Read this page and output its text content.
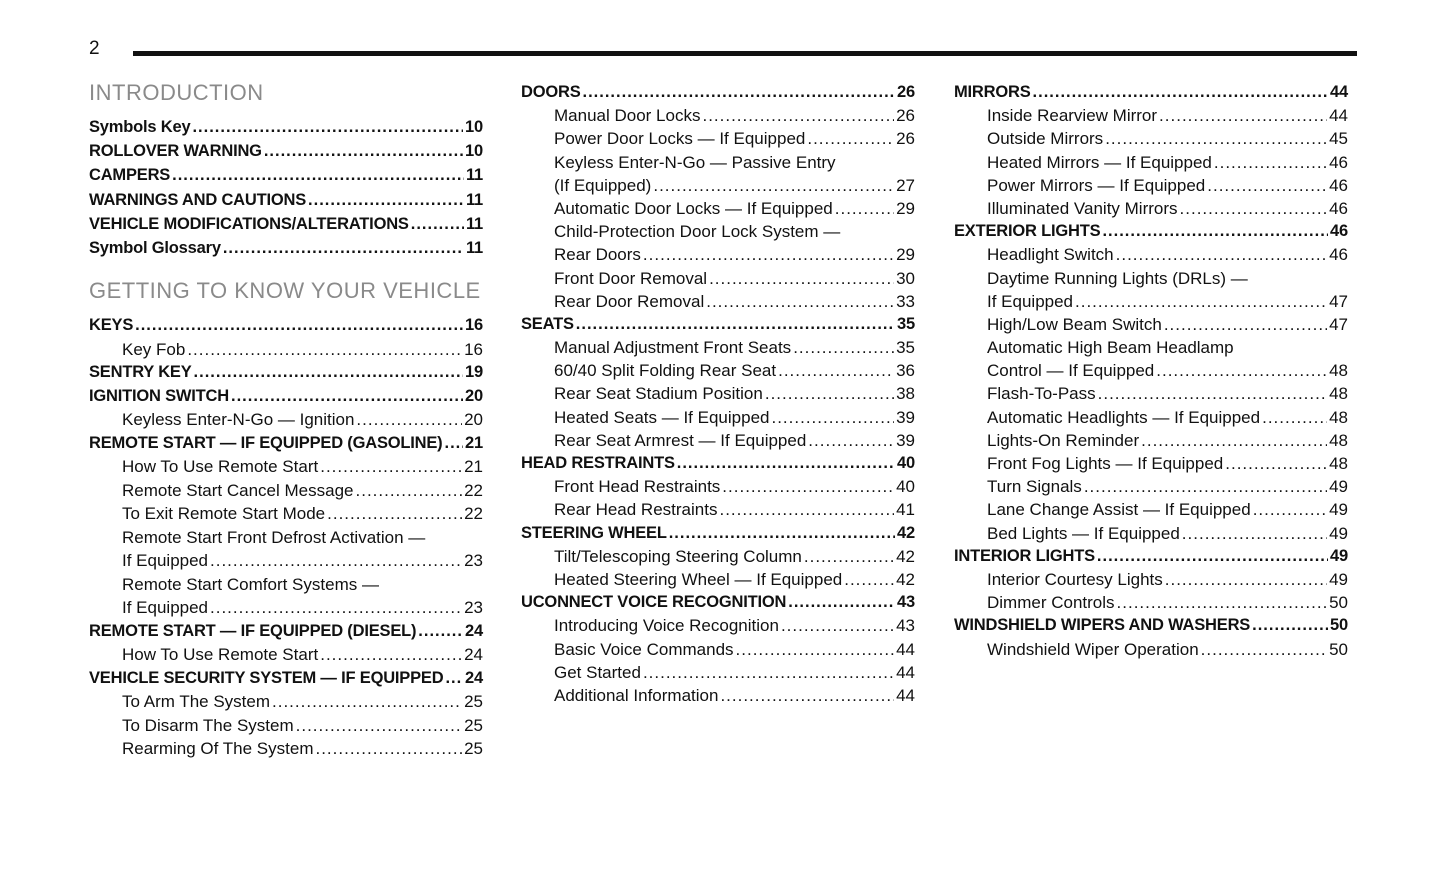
2
INTRODUCTION
Symbols Key .....	10
ROLLOVER WARNING .....	10
CAMPERS .....	11
WARNINGS AND CAUTIONS .....	11
VEHICLE MODIFICATIONS/ALTERATIONS .....	11
Symbol Glossary .....	11
GETTING TO KNOW YOUR VEHICLE
KEYS .....	16
Key Fob .....	16
SENTRY KEY .....	19
IGNITION SWITCH .....	20
Keyless Enter-N-Go — Ignition .....	20
REMOTE START — IF EQUIPPED (GASOLINE) ..... 21
How To Use Remote Start .....	21
Remote Start Cancel Message .....	22
To Exit Remote Start Mode .....	22
Remote Start Front Defrost Activation —
If Equipped .....	23
Remote Start Comfort Systems —
If Equipped .....	23
REMOTE START — IF EQUIPPED (DIESEL) .....	24
How To Use Remote Start .....	24
VEHICLE SECURITY SYSTEM — IF EQUIPPED ..... 24
To Arm The System .....	25
To Disarm The System .....	25
Rearming Of The System .....	25
DOORS .....	26
Manual Door Locks .....	26
Power Door Locks — If Equipped .....	26
Keyless Enter-N-Go — Passive Entry
(If Equipped) .....	27
Automatic Door Locks — If Equipped .....	29
Child-Protection Door Lock System —
Rear Doors .....	29
Front Door Removal .....	30
Rear Door Removal .....	33
SEATS .....	35
Manual Adjustment Front Seats .....	35
60/40 Split Folding Rear Seat .....	36
Rear Seat Stadium Position .....	38
Heated Seats — If Equipped .....	39
Rear Seat Armrest — If Equipped .....	39
HEAD RESTRAINTS .....	40
Front Head Restraints .....	40
Rear Head Restraints .....	41
STEERING WHEEL .....	42
Tilt/Telescoping Steering Column .....	42
Heated Steering Wheel — If Equipped .....	42
UCONNECT VOICE RECOGNITION .....	43
Introducing Voice Recognition .....	43
Basic Voice Commands .....	44
Get Started .....	44
Additional Information .....	44
MIRRORS .....	44
Inside Rearview Mirror .....	44
Outside Mirrors .....	45
Heated Mirrors — If Equipped .....	46
Power Mirrors — If Equipped .....	46
Illuminated Vanity Mirrors .....	46
EXTERIOR LIGHTS .....	46
Headlight Switch .....	46
Daytime Running Lights (DRLs) —
If Equipped .....	47
High/Low Beam Switch .....	47
Automatic High Beam Headlamp
Control — If Equipped .....	48
Flash-To-Pass .....	48
Automatic Headlights — If Equipped .....	48
Lights-On Reminder .....	48
Front Fog Lights — If Equipped .....	48
Turn Signals .....	49
Lane Change Assist — If Equipped .....	49
Bed Lights — If Equipped .....	49
INTERIOR LIGHTS .....	49
Interior Courtesy Lights .....	49
Dimmer Controls .....	50
WINDSHIELD WIPERS AND WASHERS .....	50
Windshield Wiper Operation .....	50
